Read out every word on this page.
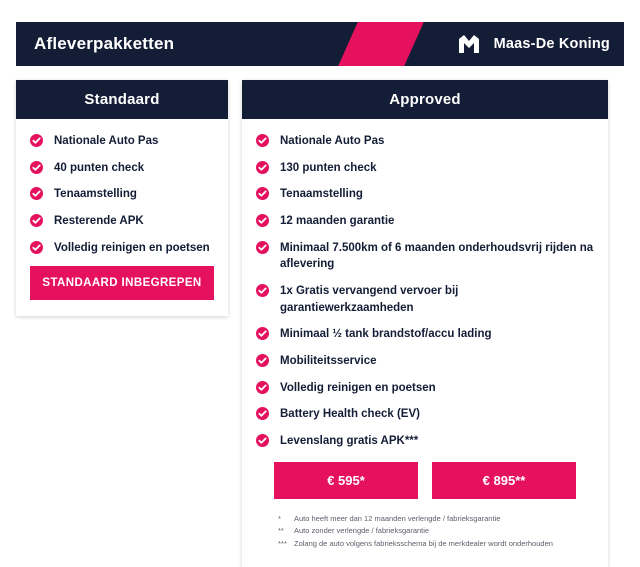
Afleverpakketten	Maas-De Koning
Standaard
Nationale Auto Pas
40 punten check
Tenaamstelling
Resterende APK
Volledig reinigen en poetsen
STANDAARD INBEGREPEN
Approved
Nationale Auto Pas
130 punten check
Tenaamstelling
12 maanden garantie
Minimaal 7.500km of 6 maanden onderhoudsvrij rijden na aflevering
1x Gratis vervangend vervoer bij garantiewerkzaamheden
Minimaal ½ tank brandstof/accu lading
Mobiliteitsservice
Volledig reinigen en poetsen
Battery Health check (EV)
Levenslang gratis APK***
€ 595*	€ 895**
*	Auto heeft meer dan 12 maanden verlengde / fabrieksgarantie
**	Auto zonder verlengde / fabrieksgarantie
*** Zolang de auto volgens fabrieksschema bij de merkdealer wordt onderhouden
